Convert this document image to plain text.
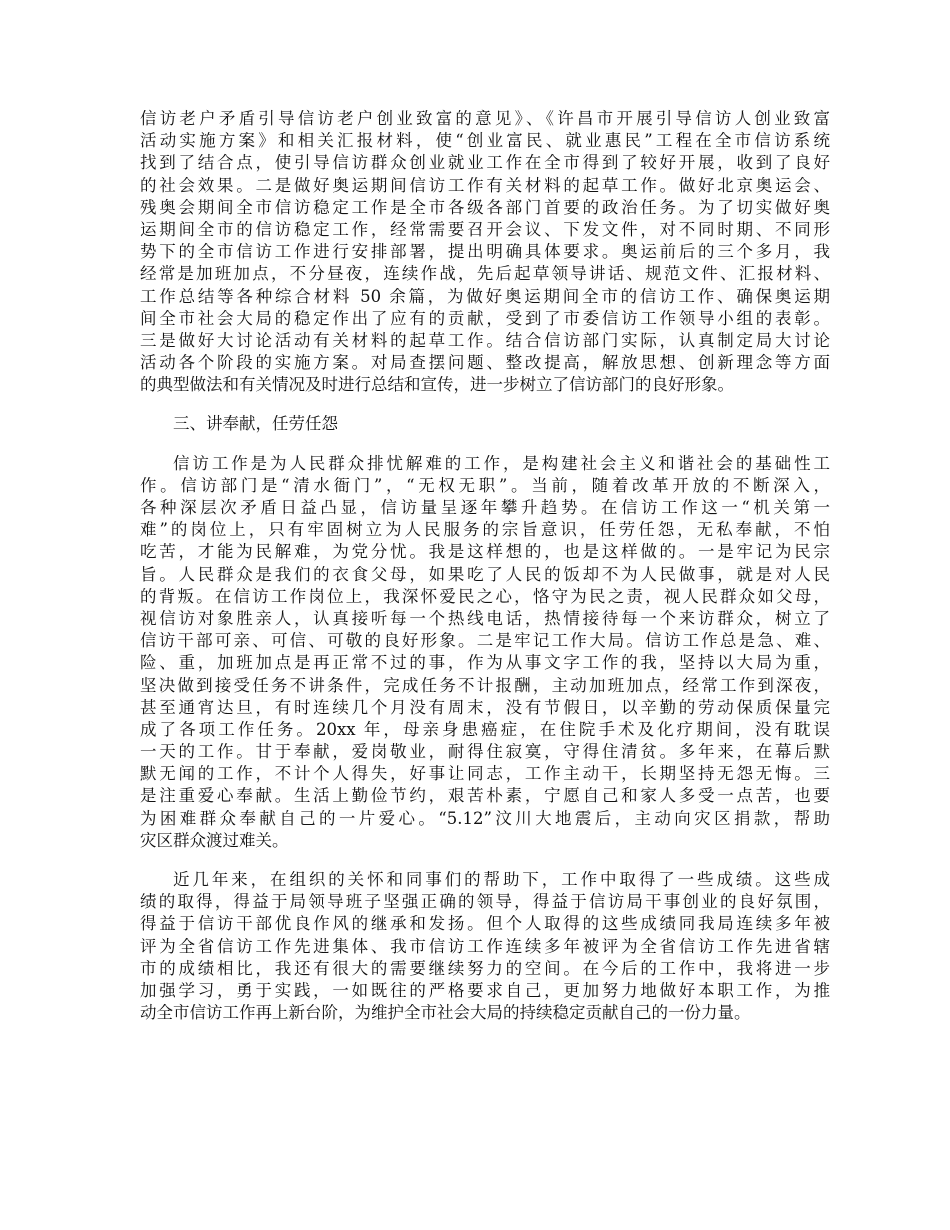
信访老户矛盾引导信访老户创业致富的意见》、《许昌市开展引导信访人创业致富
活动实施方案》和相关汇报材料，使“创业富民、就业惠民”工程在全市信访系统
找到了结合点，使引导信访群众创业就业工作在全市得到了较好开展，收到了良好
的社会效果。二是做好奥运期间信访工作有关材料的起草工作。做好北京奥运会、
残奥会期间全市信访稳定工作是全市各级各部门首要的政治任务。为了切实做好奥
运期间全市的信访稳定工作，经常需要召开会议、下发文件，对不同时期、不同形
势下的全市信访工作进行安排部署，提出明确具体要求。奥运前后的三个多月，我
经常是加班加点，不分昼夜，连续作战，先后起草领导讲话、规范文件、汇报材料、
工作总结等各种综合材料 50 余篇，为做好奥运期间全市的信访工作、确保奥运期
间全市社会大局的稳定作出了应有的贡献，受到了市委信访工作领导小组的表彰。
三是做好大讨论活动有关材料的起草工作。结合信访部门实际，认真制定局大讨论
活动各个阶段的实施方案。对局查摆问题、整改提高，解放思想、创新理念等方面
的典型做法和有关情况及时进行总结和宣传，进一步树立了信访部门的良好形象。
三、讲奉献，任劳任怨
信访工作是为人民群众排忧解难的工作，是构建社会主义和谐社会的基础性工
作。信访部门是“清水衙门”，“无权无职”。当前，随着改革开放的不断深入，
各种深层次矛盾日益凸显，信访量呈逐年攀升趋势。在信访工作这一“机关第一
难”的岗位上，只有牢固树立为人民服务的宗旨意识，任劳任怨，无私奉献，不怕
吃苦，才能为民解难，为党分忧。我是这样想的，也是这样做的。一是牢记为民宗
旨。人民群众是我们的衣食父母，如果吃了人民的饭却不为人民做事，就是对人民
的背叛。在信访工作岗位上，我深怀爱民之心，恪守为民之责，视人民群众如父母，
视信访对象胜亲人，认真接听每一个热线电话，热情接待每一个来访群众，树立了
信访干部可亲、可信、可敬的良好形象。二是牢记工作大局。信访工作总是急、难、
险、重，加班加点是再正常不过的事，作为从事文字工作的我，坚持以大局为重，
坚决做到接受任务不讲条件，完成任务不计报酬，主动加班加点，经常工作到深夜，
甚至通宵达旦，有时连续几个月没有周末，没有节假日，以辛勤的劳动保质保量完
成了各项工作任务。20xx 年，母亲身患癌症，在住院手术及化疗期间，没有耽误
一天的工作。甘于奉献，爱岗敬业，耐得住寂寞，守得住清贫。多年来，在幕后默
默无闻的工作，不计个人得失，好事让同志，工作主动干，长期坚持无怨无悔。三
是注重爱心奉献。生活上勤俭节约，艰苦朴素，宁愿自己和家人多受一点苦，也要
为困难群众奉献自己的一片爱心。“5.12”汶川大地震后，主动向灾区捐款，帮助
灾区群众渡过难关。
近几年来，在组织的关怀和同事们的帮助下，工作中取得了一些成绩。这些成
绩的取得，得益于局领导班子坚强正确的领导，得益于信访局干事创业的良好氛围，
得益于信访干部优良作风的继承和发扬。但个人取得的这些成绩同我局连续多年被
评为全省信访工作先进集体、我市信访工作连续多年被评为全省信访工作先进省辖
市的成绩相比，我还有很大的需要继续努力的空间。在今后的工作中，我将进一步
加强学习，勇于实践，一如既往的严格要求自己，更加努力地做好本职工作，为推
动全市信访工作再上新台阶，为维护全市社会大局的持续稳定贡献自己的一份力量。
